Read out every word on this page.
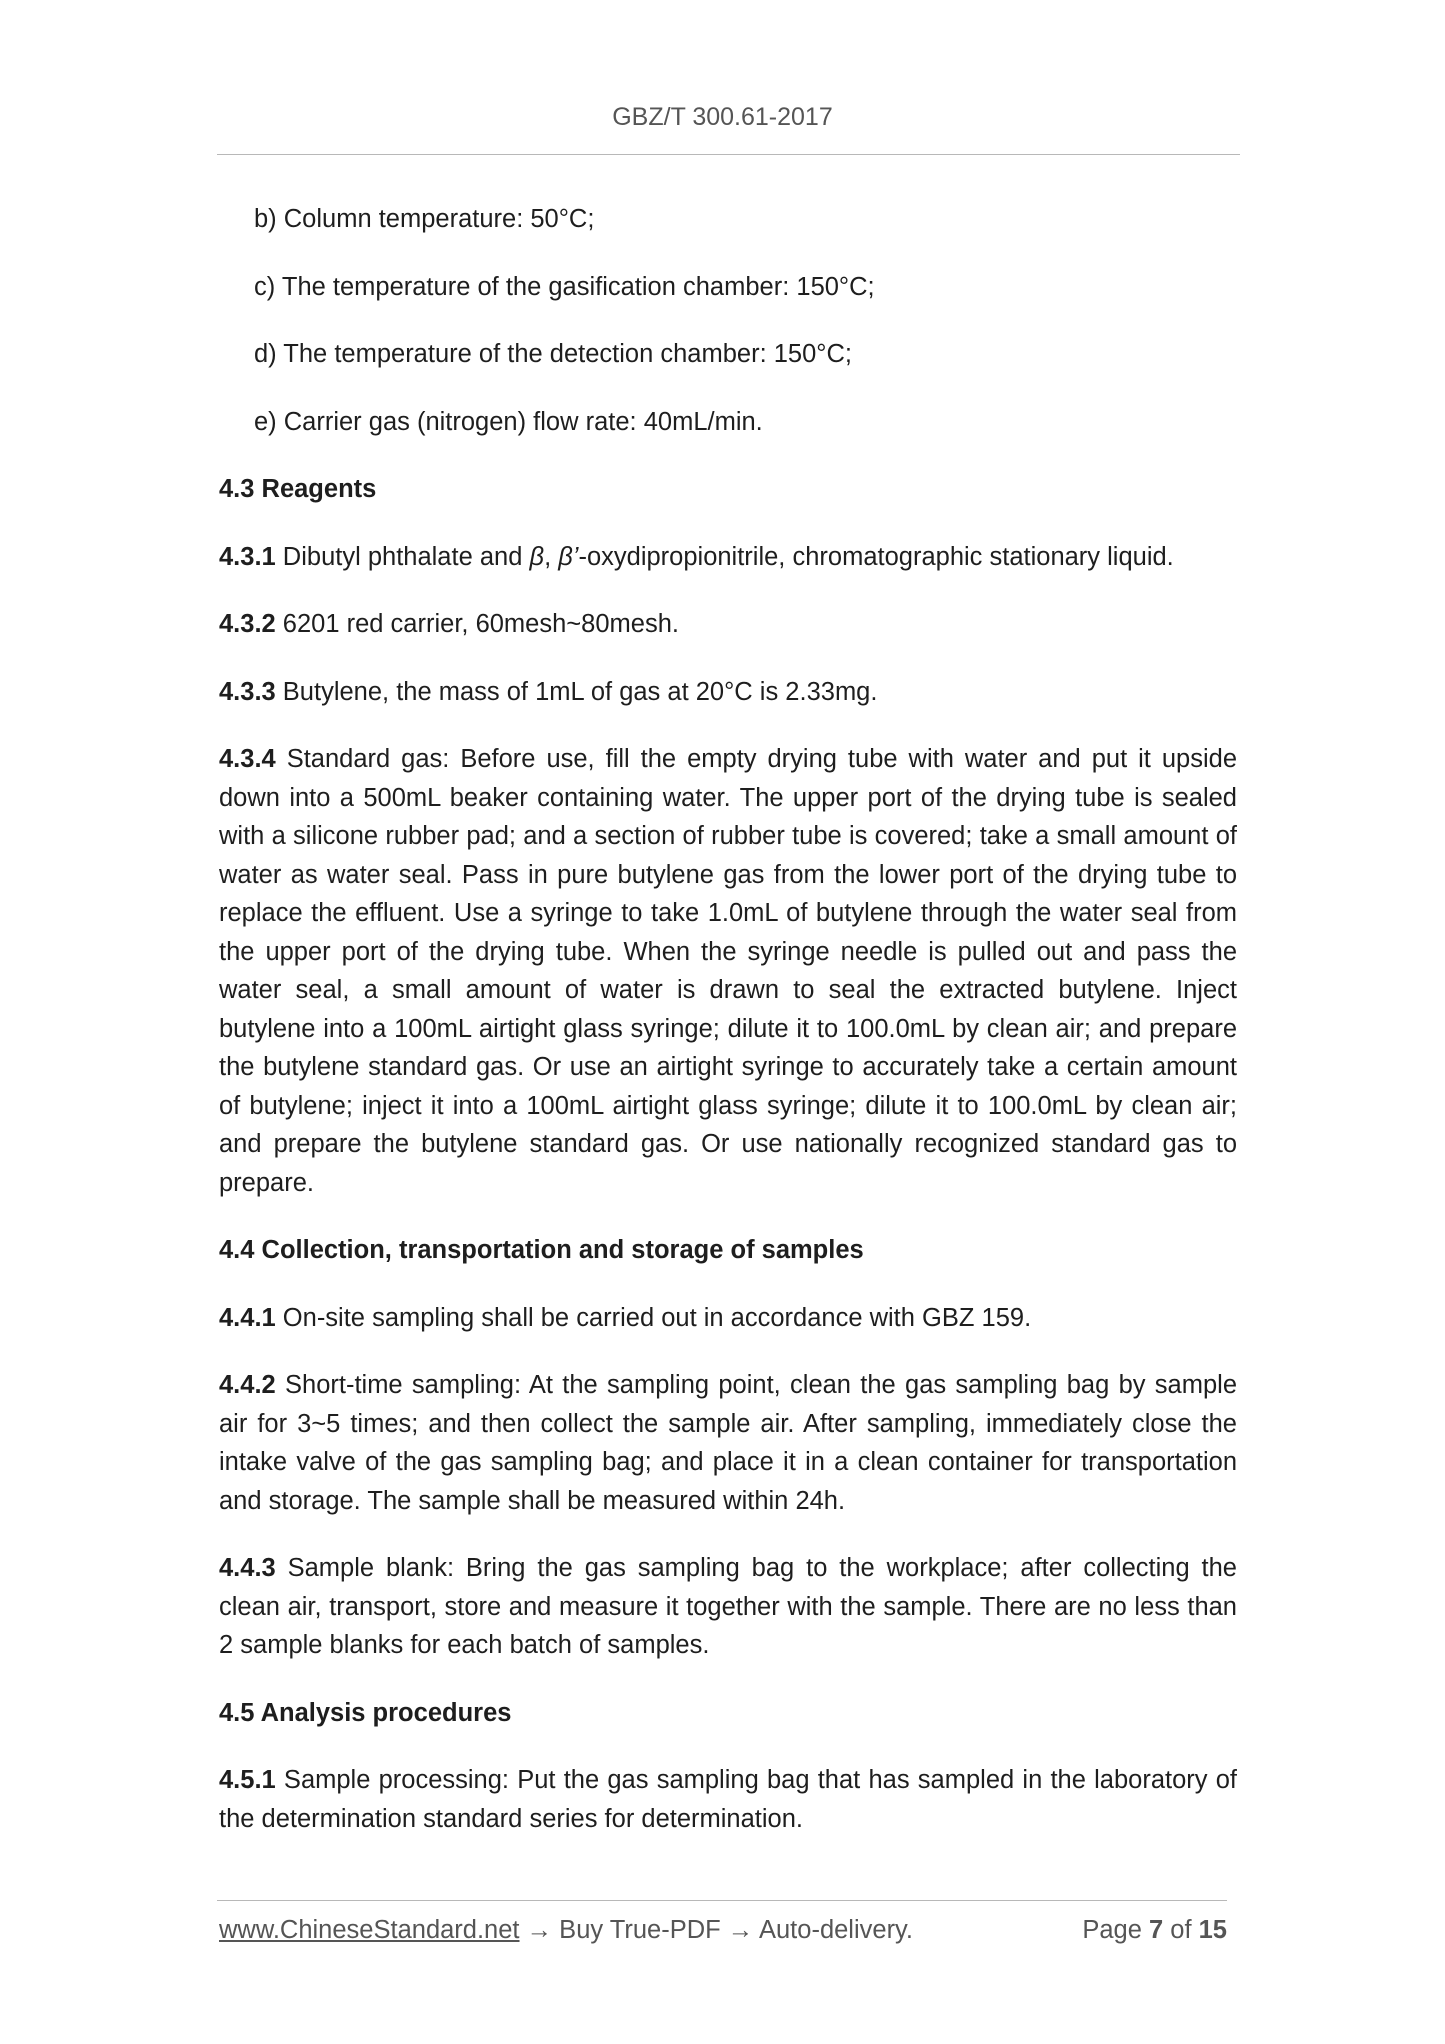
GBZ/T 300.61-2017

b) Column temperature: 50°C;

c) The temperature of the gasification chamber: 150°C;

d) The temperature of the detection chamber: 150°C;

e) Carrier gas (nitrogen) flow rate: 40mL/min.

4.3 Reagents

4.3.1 Dibutyl phthalate and β, β’-oxydipropionitrile, chromatographic stationary liquid.

4.3.2 6201 red carrier, 60mesh~80mesh.

4.3.3 Butylene, the mass of 1mL of gas at 20°C is 2.33mg.

4.3.4 Standard gas: Before use, fill the empty drying tube with water and put it upside down into a 500mL beaker containing water. The upper port of the drying tube is sealed with a silicone rubber pad; and a section of rubber tube is covered; take a small amount of water as water seal. Pass in pure butylene gas from the lower port of the drying tube to replace the effluent. Use a syringe to take 1.0mL of butylene through the water seal from the upper port of the drying tube. When the syringe needle is pulled out and pass the water seal, a small amount of water is drawn to seal the extracted butylene. Inject butylene into a 100mL airtight glass syringe; dilute it to 100.0mL by clean air; and prepare the butylene standard gas. Or use an airtight syringe to accurately take a certain amount of butylene; inject it into a 100mL airtight glass syringe; dilute it to 100.0mL by clean air; and prepare the butylene standard gas. Or use nationally recognized standard gas to prepare.

4.4 Collection, transportation and storage of samples

4.4.1 On-site sampling shall be carried out in accordance with GBZ 159.

4.4.2 Short-time sampling: At the sampling point, clean the gas sampling bag by sample air for 3~5 times; and then collect the sample air. After sampling, immediately close the intake valve of the gas sampling bag; and place it in a clean container for transportation and storage. The sample shall be measured within 24h.

4.4.3 Sample blank: Bring the gas sampling bag to the workplace; after collecting the clean air, transport, store and measure it together with the sample. There are no less than 2 sample blanks for each batch of samples.

4.5 Analysis procedures

4.5.1 Sample processing: Put the gas sampling bag that has sampled in the laboratory of the determination standard series for determination.

www.ChineseStandard.net → Buy True-PDF → Auto-delivery.	Page 7 of 15
